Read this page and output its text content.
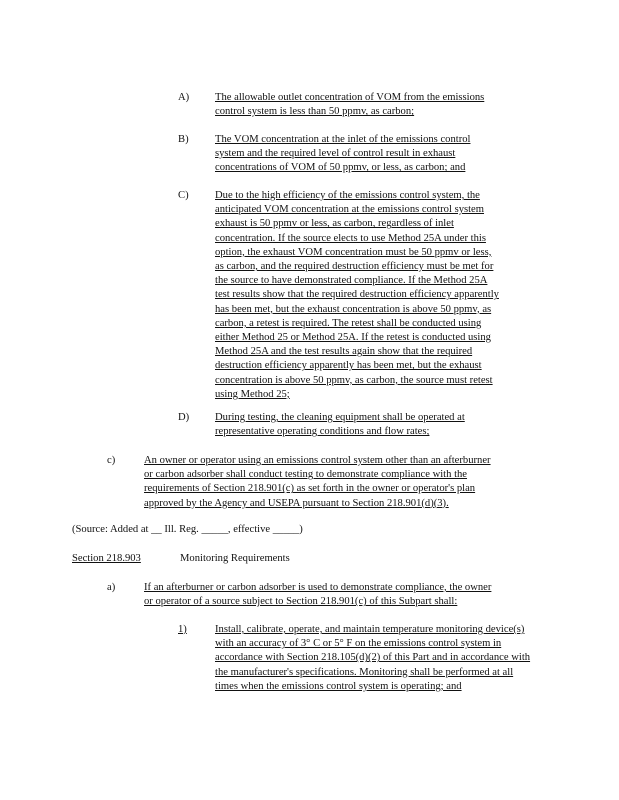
A) The allowable outlet concentration of VOM from the emissions
control system is less than 50 ppmv, as carbon;
B) The VOM concentration at the inlet of the emissions control
system and the required level of control result in exhaust
concentrations of VOM of 50 ppmv, or less, as carbon; and
C) Due to the high efficiency of the emissions control system, the
anticipated VOM concentration at the emissions control system
exhaust is 50 ppmv or less, as carbon, regardless of inlet
concentration. If the source elects to use Method 25A under this
option, the exhaust VOM concentration must be 50 ppmv or less,
as carbon, and the required destruction efficiency must be met for
the source to have demonstrated compliance. If the Method 25A
test results show that the required destruction efficiency apparently
has been met, but the exhaust concentration is above 50 ppmv, as
carbon, a retest is required. The retest shall be conducted using
either Method 25 or Method 25A. If the retest is conducted using
Method 25A and the test results again show that the required
destruction efficiency apparently has been met, but the exhaust
concentration is above 50 ppmv, as carbon, the source must retest
using Method 25;
D) During testing, the cleaning equipment shall be operated at
representative operating conditions and flow rates;
c)	An owner or operator using an emissions control system other than an afterburner
or carbon adsorber shall conduct testing to demonstrate compliance with the
requirements of Section 218.901(c) as set forth in the owner or operator's plan
approved by the Agency and USEPA pursuant to Section 218.901(d)(3).
(Source: Added at __ Ill. Reg. _____, effective _____)
Section 218.903	Monitoring Requirements
a)	If an afterburner or carbon adsorber is used to demonstrate compliance, the owner
or operator of a source subject to Section 218.901(c) of this Subpart shall:
1)	Install, calibrate, operate, and maintain temperature monitoring device(s)
with an accuracy of 3° C or 5° F on the emissions control system in
accordance with Section 218.105(d)(2) of this Part and in accordance with
the manufacturer's specifications. Monitoring shall be performed at all
times when the emissions control system is operating; and
